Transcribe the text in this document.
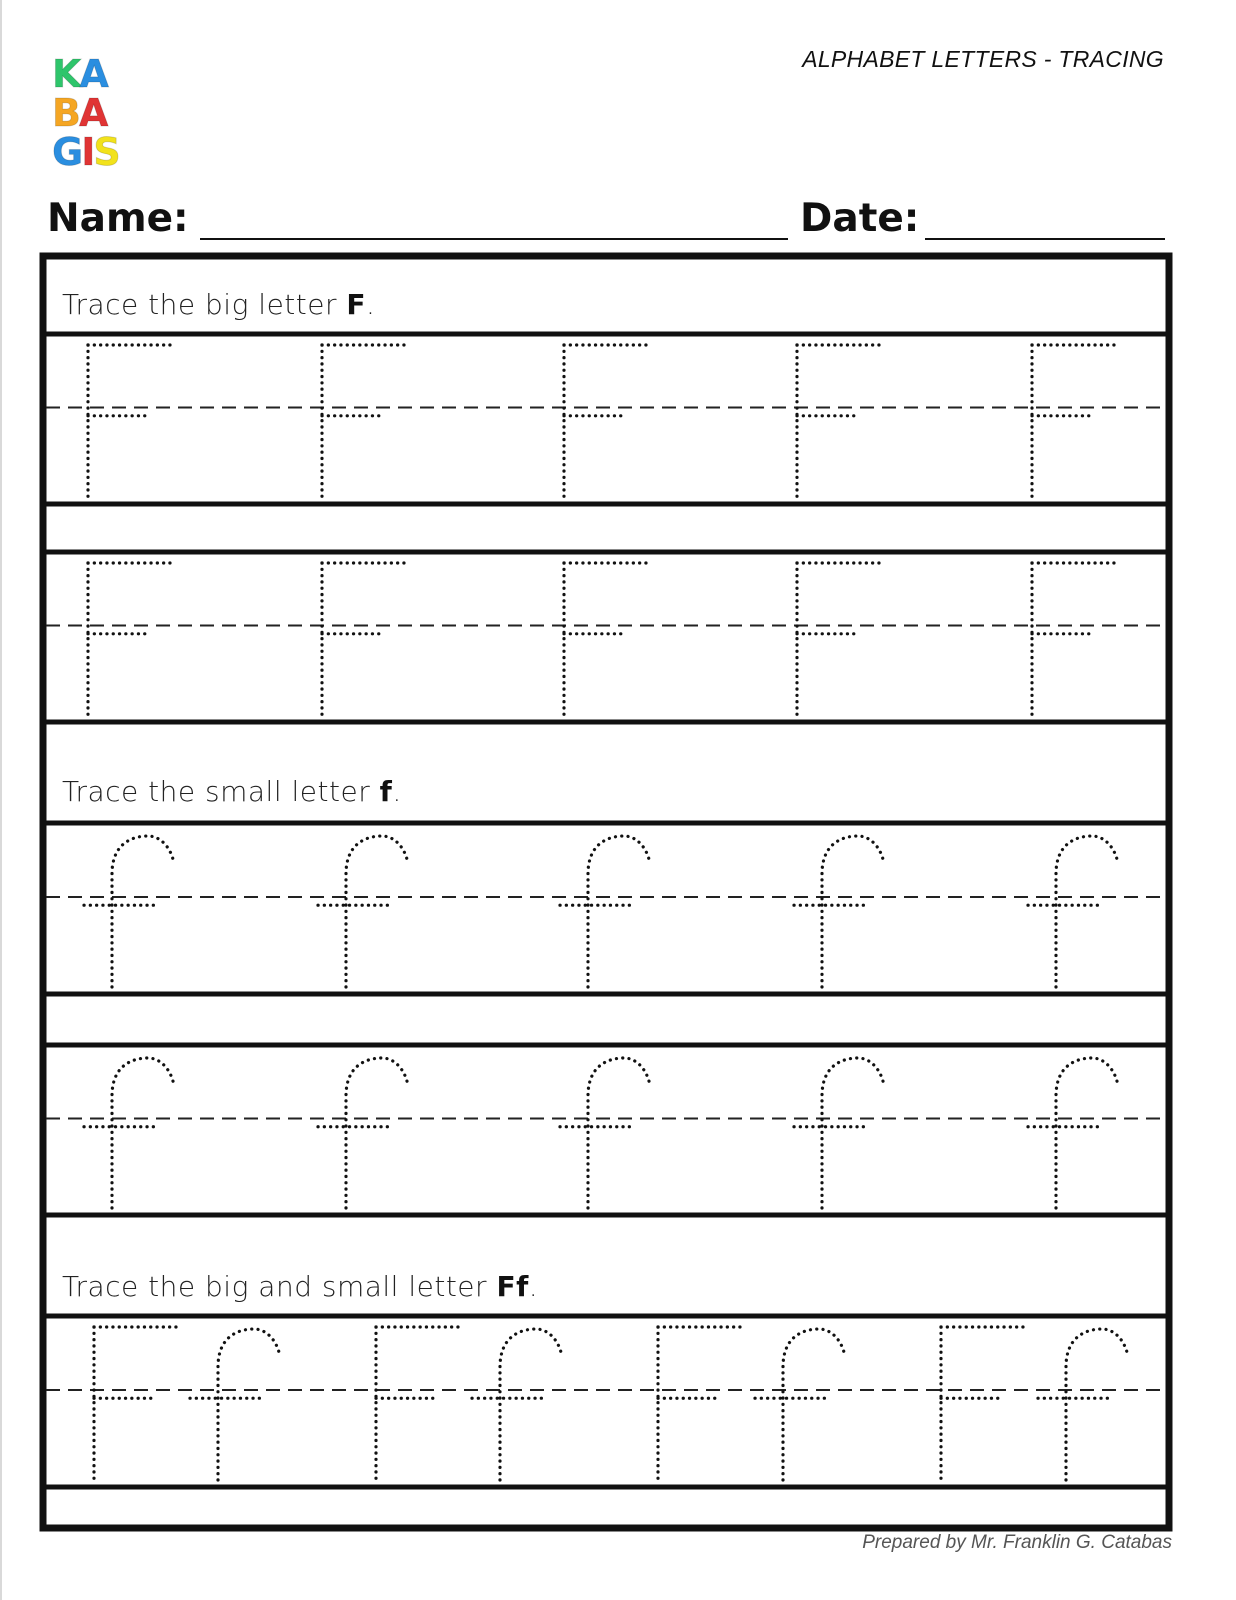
K A
B A
G I S
ALPHABET LETTERS - TRACING
Name:	Date:
Trace the big letter F.
Trace the small letter f.
Trace the big and small letter Ff.
Prepared by Mr. Franklin G. Catabas
